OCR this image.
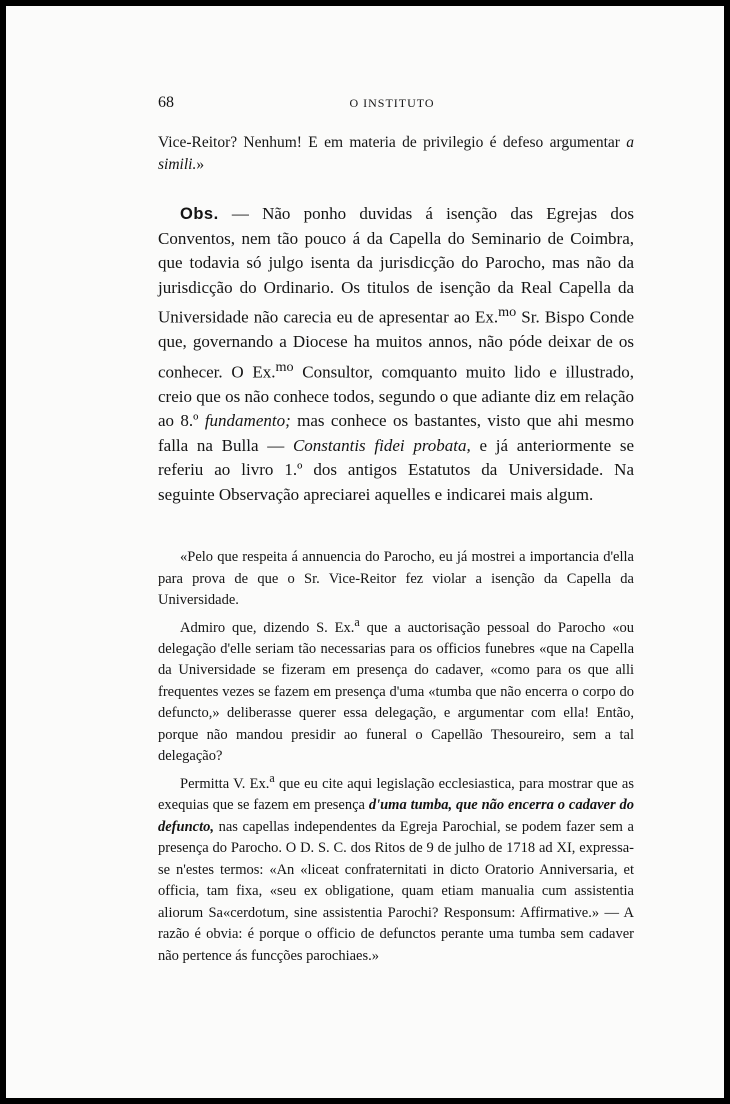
68	O INSTITUTO

Vice-Reitor? Nenhum! E em materia de privilegio é defeso argumentar a simili.»

Obs. — Não ponho duvidas á isenção das Egrejas dos Conventos, nem tão pouco á da Capella do Seminario de Coimbra, que todavia só julgo isenta da jurisdicção do Parocho, mas não da jurisdicção do Ordinario. Os titulos de isenção da Real Capella da Universidade não carecia eu de apresentar ao Ex.$^{mo}$ Sr. Bispo Conde que, governando a Diocese ha muitos annos, não póde deixar de os conhecer. O Ex.$^{mo}$ Consultor, comquanto muito lido e illustrado, creio que os não conhece todos, segundo o que adiante diz em relação ao 8.º fundamento; mas conhece os bastantes, visto que ahi mesmo falla na Bulla — Constantis fidei probata, e já anteriormente se referiu ao livro 1.º dos antigos Estatutos da Universidade. Na seguinte Observação apreciarei aquelles e indicarei mais algum.

«Pelo que respeita á annuencia do Parocho, eu já mostrei a importancia d'ella para prova de que o Sr. Vice-Reitor fez violar a isenção da Capella da Universidade.

Admiro que, dizendo S. Ex.$^a$ que a auctorisação pessoal do Parocho «ou delegação d'elle seriam tão necessarias para os officios funebres «que na Capella da Universidade se fizeram em presença do cadaver, «como para os que alli frequentes vezes se fazem em presença d'uma «tumba que não encerra o corpo do defuncto,» deliberasse querer essa delegação, e argumentar com ella! Então, porque não mandou presidir ao funeral o Capellão Thesoureiro, sem a tal delegação?

Permitta V. Ex.$^a$ que eu cite aqui legislação ecclesiastica, para mostrar que as exequias que se fazem em presença d'uma tumba, que não encerra o cadaver do defuncto, nas capellas independentes da Egreja Parochial, se podem fazer sem a presença do Parocho. O D. S. C. dos Ritos de 9 de julho de 1718 ad XI, expressa-se n'estes termos: «An «liceat confraternitati in dicto Oratorio Anniversaria, et officia, tam fixa, «seu ex obligatione, quam etiam manualia cum assistentia aliorum Sa«cerdotum, sine assistentia Parochi? Responsum: Affirmative.» — A razão é obvia: é porque o officio de defunctos perante uma tumba sem cadaver não pertence ás funcções parochiaes.»
